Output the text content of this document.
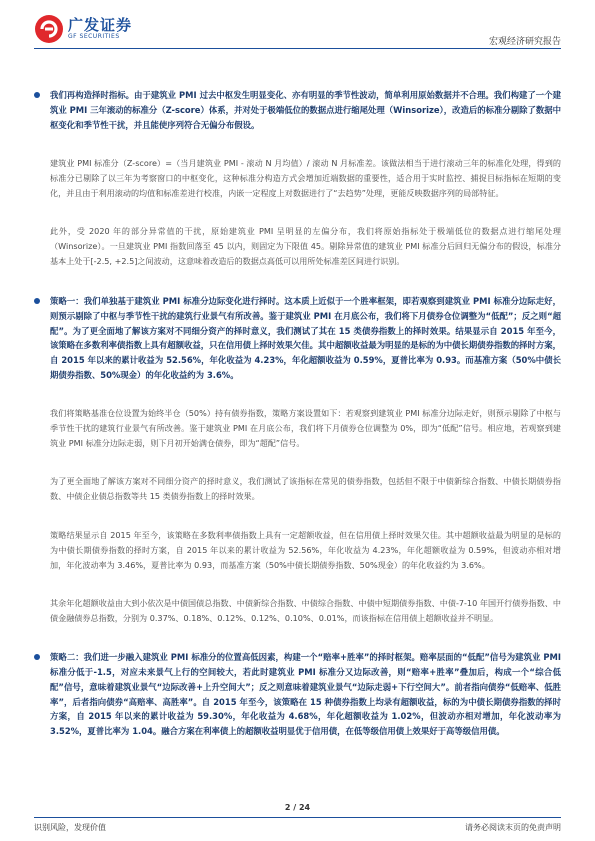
广发证券
GF SECURITIES
宏观经济研究报告

我们再构造择时指标。由于建筑业 PMI 过去中枢发生明显变化、亦有明显的季节性波动，简单利用原始数据并不合理。我们构建了一个建筑业 PMI 三年滚动的标准分（Z-score）体系，并对处于极端低位的数据点进行缩尾处理（Winsorize），改造后的标准分剔除了数据中枢变化和季节性干扰，并且能使序列符合无偏分布假设。

建筑业 PMI 标准分（Z-score）=（当月建筑业 PMI - 滚动 N 月均值）/ 滚动 N 月标准差。该做法相当于进行滚动三年的标准化处理，得到的标准分已剔除了以三年为考察窗口的中枢变化，这种标准分构造方式会增加近端数据的重要性，适合用于实时监控、捕捉目标指标在短期的变化，并且由于利用滚动的均值和标准差进行校准，内嵌一定程度上对数据进行了“去趋势”处理，更能反映数据序列的局部特征。

此外，受 2020 年的部分异常值的干扰，原始建筑业 PMI 呈明显的左偏分布，我们将原始指标处于极端低位的数据点进行缩尾处理（Winsorize）。一旦建筑业 PMI 指数回落至 45 以内，则固定为下限值 45。剔除异常值的建筑业 PMI 标准分后回归无偏分布的假设，标准分基本上处于[-2.5, +2.5]之间波动，这意味着改造后的数据点高低可以用所处标准差区间进行识别。

策略一：我们单独基于建筑业 PMI 标准分边际变化进行择时。这本质上近似于一个胜率框架，即若观察到建筑业 PMI 标准分边际走好，则预示剔除了中枢与季节性干扰的建筑行业景气有所改善。鉴于建筑业 PMI 在月底公布，我们将下月债券仓位调整为“低配”；反之则“超配”。为了更全面地了解该方案对不同细分资产的择时意义，我们测试了其在 15 类债券指数上的择时效果。结果显示自 2015 年至今，该策略在多数利率债指数上具有超额收益，只在信用债上择时效果欠佳。其中超额收益最为明显的是标的为中债长期债券指数的择时方案，自 2015 年以来的累计收益为 52.56%，年化收益为 4.23%，年化超额收益为 0.59%，夏普比率为 0.93。而基准方案（50%中债长期债券指数、50%现金）的年化收益约为 3.6%。

我们将策略基准仓位设置为始终半仓（50%）持有债券指数，策略方案设置如下：若观察到建筑业 PMI 标准分边际走好，则预示剔除了中枢与季节性干扰的建筑行业景气有所改善。鉴于建筑业 PMI 在月底公布，我们将下月债券仓位调整为 0%，即为“低配”信号。相应地，若观察到建筑业 PMI 标准分边际走弱，则下月初开始满仓债券，即为“超配”信号。

为了更全面地了解该方案对不同细分资产的择时意义，我们测试了该指标在常见的债券指数，包括但不限于中债新综合指数、中债长期债券指数、中债企业债总指数等共 15 类债券指数上的择时效果。

策略结果显示自 2015 年至今，该策略在多数利率债指数上具有一定超额收益，但在信用债上择时效果欠佳。其中超额收益最为明显的是标的为中债长期债券指数的择时方案，自 2015 年以来的累计收益为 52.56%，年化收益为 4.23%，年化超额收益为 0.59%，但波动亦相对增加，年化波动率为 3.46%，夏普比率为 0.93，而基准方案（50%中债长期债券指数、50%现金）的年化收益约为 3.6%。

其余年化超额收益由大到小依次是中债国债总指数、中债新综合指数、中债综合指数、中债中短期债券指数、中债-7-10 年国开行债券指数、中债金融债券总指数，分别为 0.37%、0.18%、0.12%、0.12%、0.10%、0.01%，而该指标在信用债上超额收益并不明显。

策略二：我们进一步融入建筑业 PMI 标准分的位置高低因素，构建一个“赔率+胜率”的择时框架。赔率层面的“低配”信号为建筑业 PMI 标准分低于-1.5，对应未来景气上行的空间较大，若此时建筑业 PMI 标准分又边际改善，则“赔率+胜率”叠加后，构成一个“综合低配”信号，意味着建筑业景气“边际改善+上升空间大”；反之则意味着建筑业景气“边际走弱+下行空间大”。前者指向债券“低赔率、低胜率”，后者指向债券“高赔率、高胜率”。自 2015 年至今，该策略在 15 种债券指数上均录有超额收益，标的为中债长期债券指数的择时方案，自 2015 年以来的累计收益为 59.30%，年化收益为 4.68%，年化超额收益为 1.02%，但波动亦相对增加，年化波动率为 3.52%，夏普比率为 1.04。融合方案在利率债上的超额收益明显优于信用债，在低等级信用债上效果好于高等级信用债。

2 / 24
识别风险，发现价值	请务必阅读末页的免责声明
